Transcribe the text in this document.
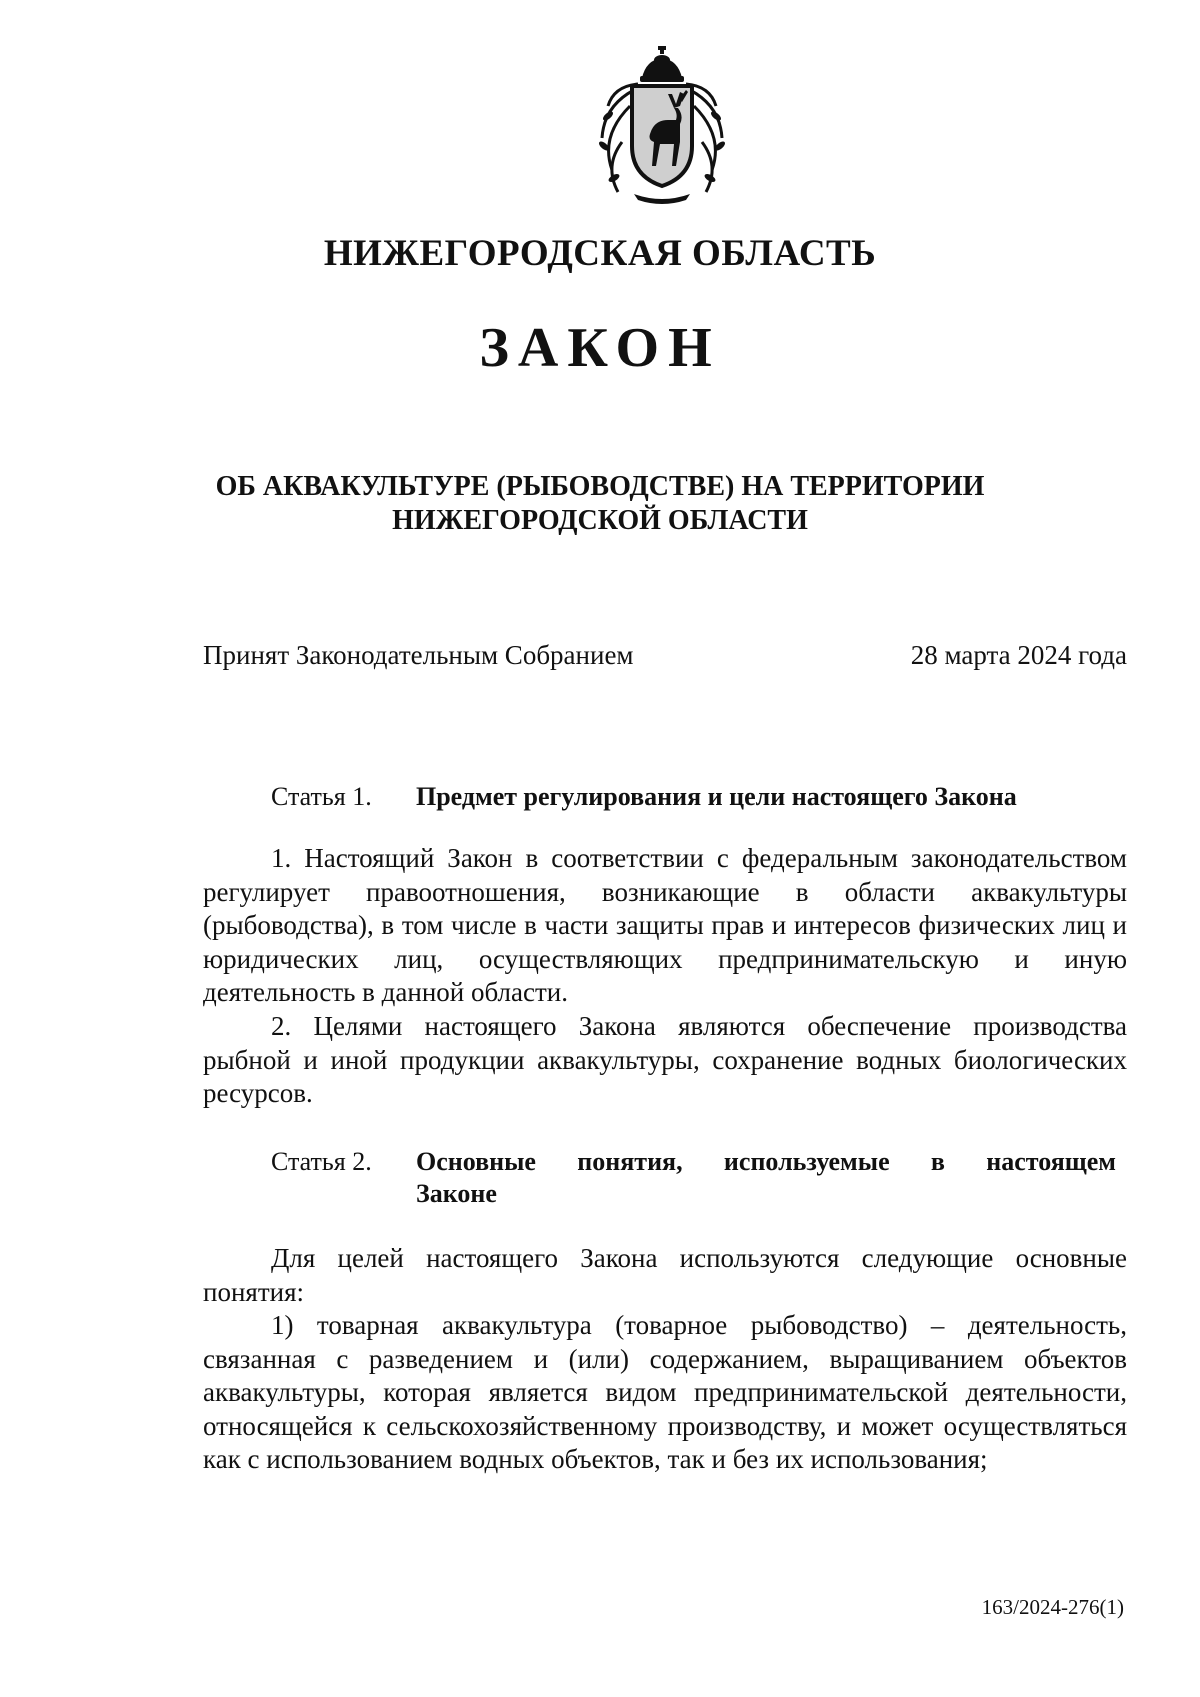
НИЖЕГОРОДСКАЯ ОБЛАСТЬ
ЗАКОН
ОБ АКВАКУЛЬТУРЕ (РЫБОВОДСТВЕ) НА ТЕРРИТОРИИ
НИЖЕГОРОДСКОЙ ОБЛАСТИ
Принят Законодательным Собранием	28 марта 2024 года
Статья 1. Предмет регулирования и цели настоящего Закона

1. Настоящий Закон в соответствии с федеральным законодательством регулирует правоотношения, возникающие в области аквакультуры (рыбоводства), в том числе в части защиты прав и интересов физических лиц и юридических лиц, осуществляющих предпринимательскую и иную деятельность в данной области.

2. Целями настоящего Закона являются обеспечение производства рыбной и иной продукции аквакультуры, сохранение водных биологических ресурсов.

Статья 2. Основные понятия, используемые в настоящем
Законе

Для целей настоящего Закона используются следующие основные понятия:

1) товарная аквакультура (товарное рыбоводство) – деятельность, связанная с разведением и (или) содержанием, выращиванием объектов аквакультуры, которая является видом предпринимательской деятельности, относящейся к сельскохозяйственному производству, и может осуществляться как с использованием водных объектов, так и без их использования;

163/2024-276(1)
